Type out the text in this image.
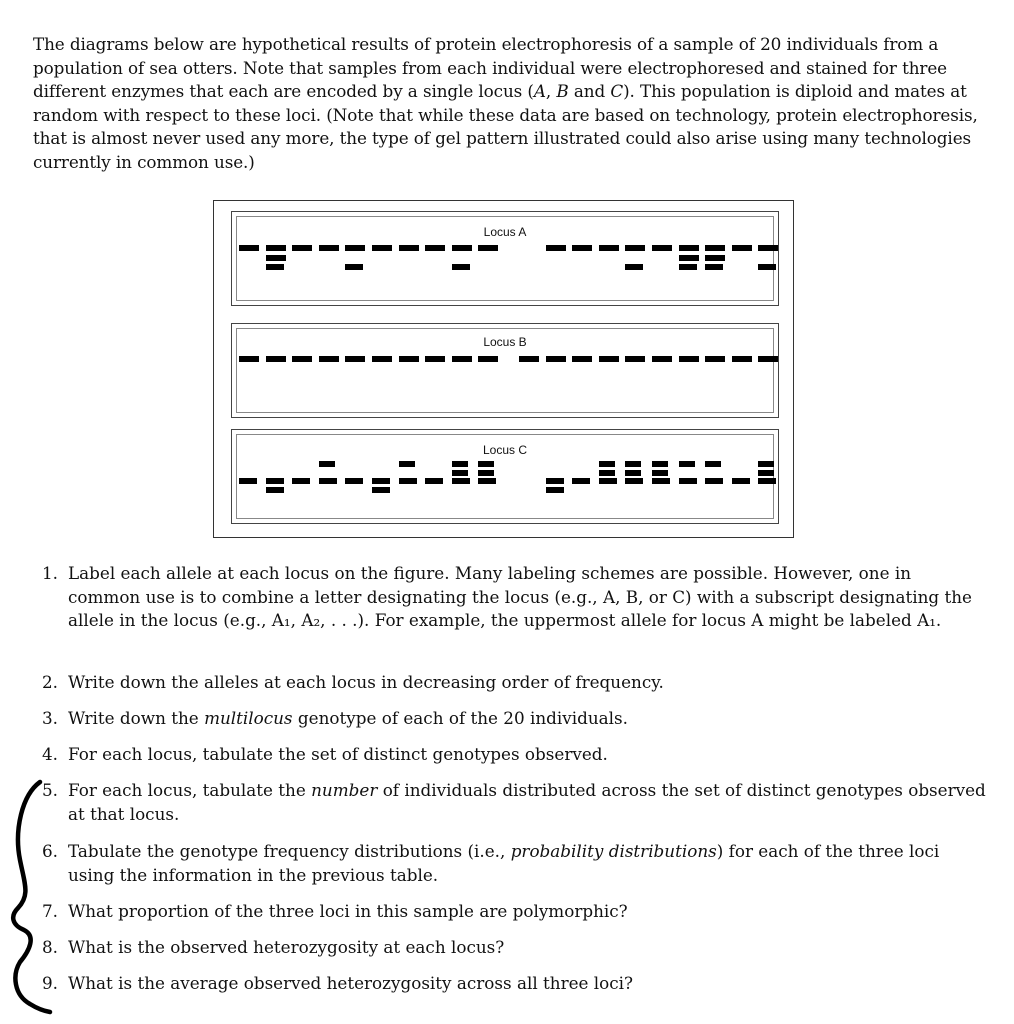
The diagrams below are hypothetical results of protein electrophoresis of a sample of 20 individuals from a population of sea otters. Note that samples from each individual were electrophoresed and stained for three different enzymes that each are encoded by a single locus (A, B and C). This population is diploid and mates at random with respect to these loci. (Note that while these data are based on technology, protein electrophoresis, that is almost never used any more, the type of gel pattern illustrated could also arise using many technologies currently in common use.)
Locus A
Locus B
Locus C
1. Label each allele at each locus on the figure. Many labeling schemes are possible. However, one in common use is to combine a letter designating the locus (e.g., A, B, or C) with a subscript designating the allele in the locus (e.g., A₁, A₂, . . .). For example, the uppermost allele for locus A might be labeled A₁.
2. Write down the alleles at each locus in decreasing order of frequency.
3. Write down the multilocus genotype of each of the 20 individuals.
4. For each locus, tabulate the set of distinct genotypes observed.
5. For each locus, tabulate the number of individuals distributed across the set of distinct genotypes observed at that locus.
6. Tabulate the genotype frequency distributions (i.e., probability distributions) for each of the three loci using the information in the previous table.
7. What proportion of the three loci in this sample are polymorphic?
8. What is the observed heterozygosity at each locus?
9. What is the average observed heterozygosity across all three loci?
